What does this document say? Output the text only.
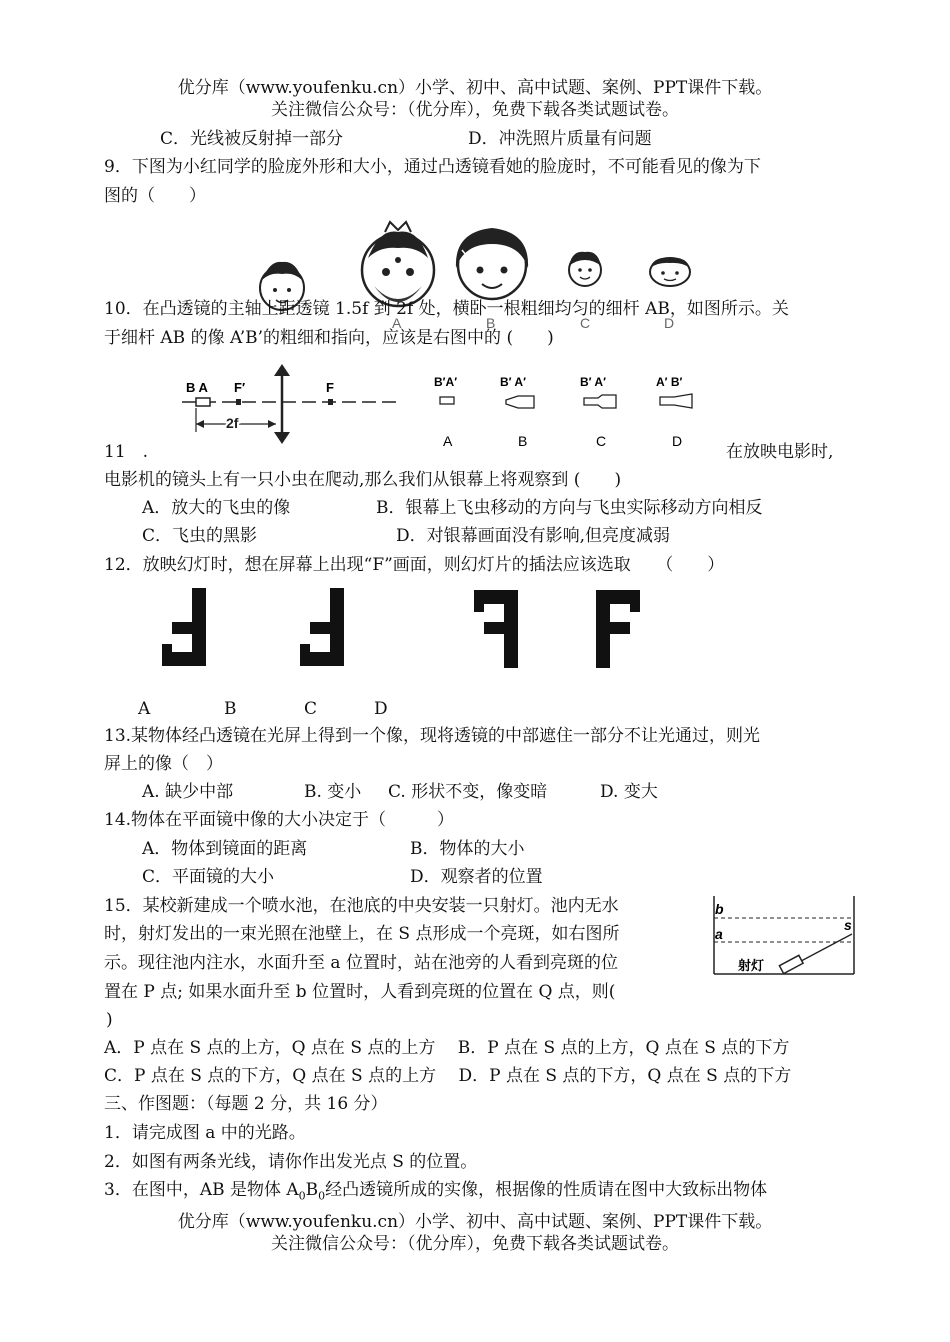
优分库（www.youfenku.cn）小学、初中、高中试题、案例、PPT课件下载。
关注微信公众号：（优分库），免费下载各类试题试卷。
C．光线被反射掉一部分	D．冲洗照片质量有问题
9．下图为小红同学的脸庞外形和大小，通过凸透镜看她的脸庞时，不可能看见的像为下
图的（　　）
A	B	C	D
10．在凸透镜的主轴上距透镜 1.5f 到 2f 处，横卧一根粗细均匀的细杆 AB，如图所示。关
于细杆 AB 的像 A’B’的粗细和指向，应该是右图中的 (　　)
B A F′	F
2f
B′A′
A
B′ A′
B
B′ A′
C
A′ B′
D
11　.	在放映电影时,
电影机的镜头上有一只小虫在爬动,那么我们从银幕上将观察到 (　　)
A．放大的飞虫的像	B．银幕上飞虫移动的方向与飞虫实际移动方向相反
C．飞虫的黑影	D．对银幕画面没有影响,但亮度减弱
12．放映幻灯时，想在屏幕上出现“F”画面，则幻灯片的插法应该选取　　（　　）
A	B	C	D
13.某物体经凸透镜在光屏上得到一个像，现将透镜的中部遮住一部分不让光通过，则光
屏上的像（　）
A. 缺少中部	B. 变小 C. 形状不变，像变暗	D. 变大
14.物体在平面镜中像的大小决定于（　　　）
A．物体到镜面的距离	B．物体的大小
C．平面镜的大小	D．观察者的位置
15．某校新建成一个喷水池，在池底的中央安装一只射灯。池内无水
时，射灯发出的一束光照在池壁上，在 S 点形成一个亮斑，如右图所
示。现往池内注水，水面升至 a 位置时，站在池旁的人看到亮斑的位
置在 P 点; 如果水面升至 b 位置时，人看到亮斑的位置在 Q 点，则(
)
b
a
s
射灯
A．P 点在 S 点的上方，Q 点在 S 点的上方　 B．P 点在 S 点的上方，Q 点在 S 点的下方
C．P 点在 S 点的下方，Q 点在 S 点的上方　 D．P 点在 S 点的下方，Q 点在 S 点的下方
三、作图题：（每题 2 分，共 16 分）
1．请完成图 a 中的光路。
2．如图有两条光线，请你作出发光点 S 的位置。
3．在图中，AB 是物体 $A_0B_0$经凸透镜所成的实像，根据像的性质请在图中大致标出物体
优分库（www.youfenku.cn）小学、初中、高中试题、案例、PPT课件下载。
关注微信公众号：（优分库），免费下载各类试题试卷。
